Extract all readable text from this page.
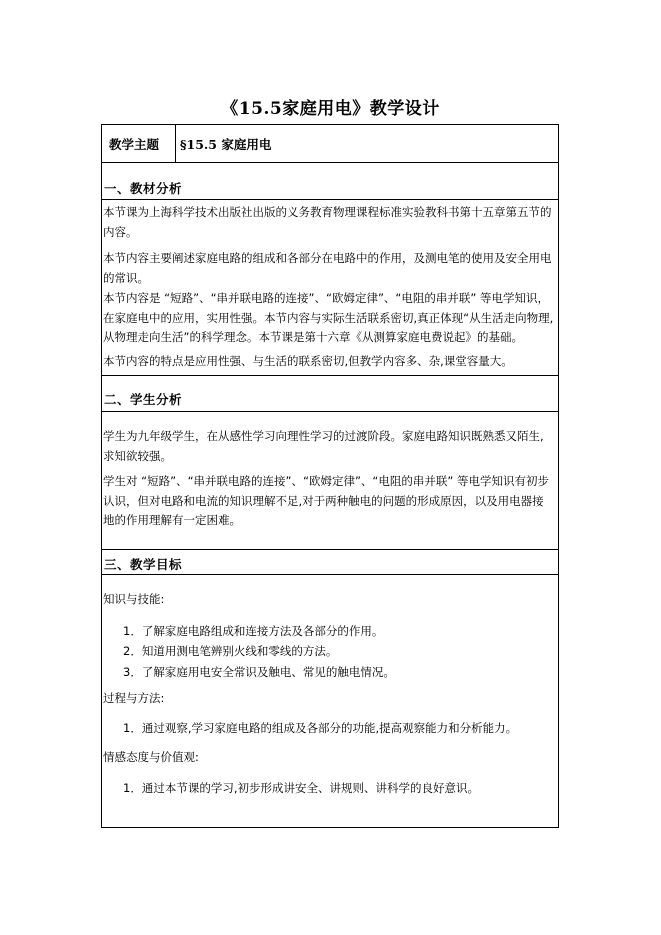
《15.5家庭用电》教学设计
教学主题 §15.5 家庭用电
一、教材分析
本节课为上海科学技术出版社出版的义务教育物理课程标准实验教科书第十五章第五节的内容。
本节内容主要阐述家庭电路的组成和各部分在电路中的作用，及测电笔的使用及安全用电的常识。
本节内容是 “短路”、“串并联电路的连接”、“欧姆定律”、“电阻的串并联” 等电学知识，在家庭电中的应用，实用性强。本节内容与实际生活联系密切,真正体现“从生活走向物理,从物理走向生活”的科学理念。本节课是第十六章《从测算家庭电费说起》的基础。
本节内容的特点是应用性强、与生活的联系密切,但教学内容多、杂,课堂容量大。
二、学生分析
学生为九年级学生，在从感性学习向理性学习的过渡阶段。家庭电路知识既熟悉又陌生,求知欲较强。
学生对 “短路”、“串并联电路的连接”、“欧姆定律”、“电阻的串并联” 等电学知识有初步认识，但对电路和电流的知识理解不足,对于两种触电的问题的形成原因，以及用电器接地的作用理解有一定困难。
三、教学目标
知识与技能:
1．了解家庭电路组成和连接方法及各部分的作用。
2．知道用测电笔辨别火线和零线的方法。
3．了解家庭用电安全常识及触电、常见的触电情况。
过程与方法:
1．通过观察,学习家庭电路的组成及各部分的功能,提高观察能力和分析能力。
情感态度与价值观:
1．通过本节课的学习,初步形成讲安全、讲规则、讲科学的良好意识。
